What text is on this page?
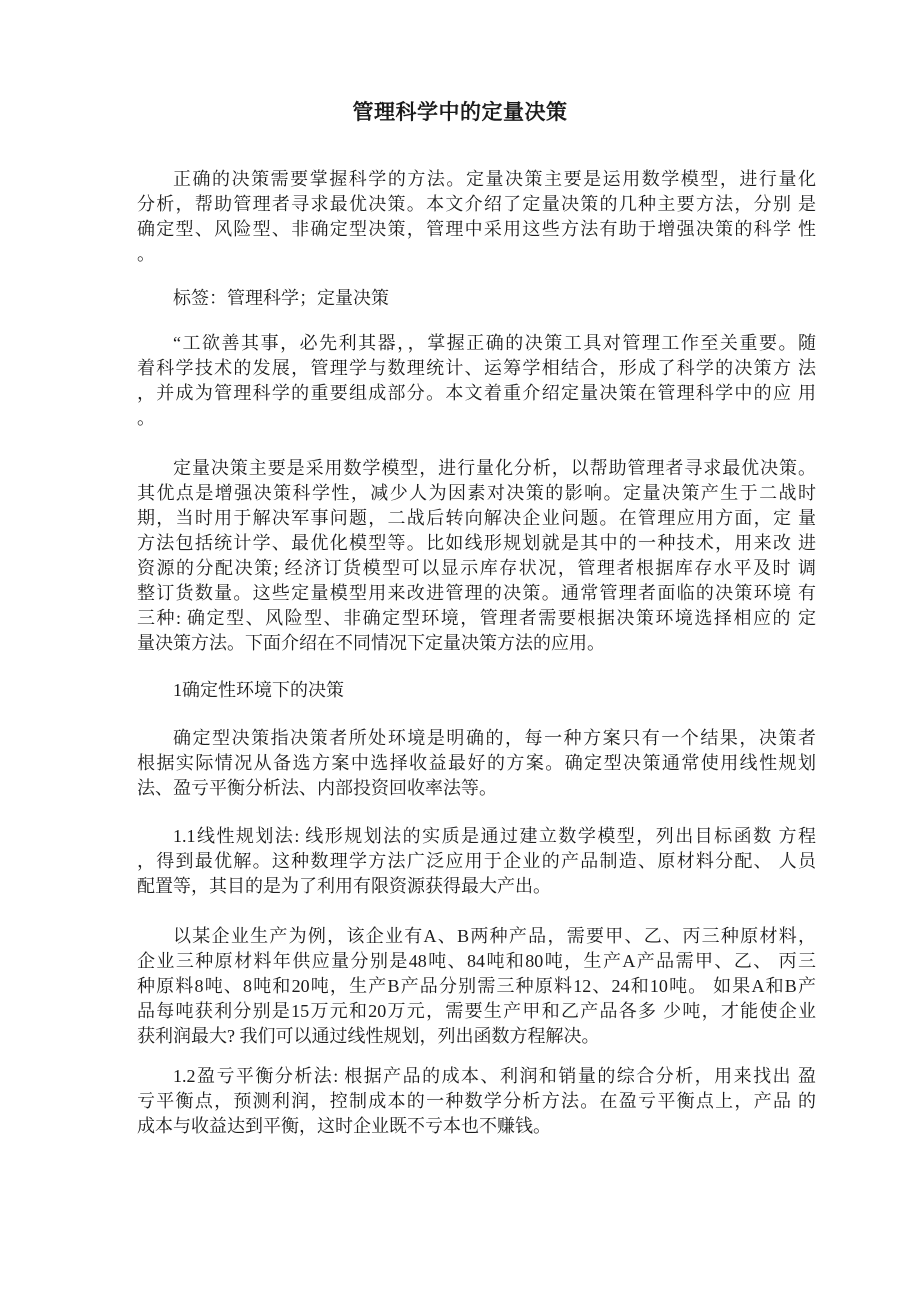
管理科学中的定量决策
正确的决策需要掌握科学的方法。定量决策主要是运用数学模型，进行量化
分析，帮助管理者寻求最优决策。本文介绍了定量决策的几种主要方法，分别 是
确定型、风险型、非确定型决策，管理中采用这些方法有助于增强决策的科学 性
。
标签：管理科学；定量决策
“工欲善其事，必先利其器，，掌握正确的决策工具对管理工作至关重要。随
着科学技术的发展，管理学与数理统计、运筹学相结合，形成了科学的决策方 法
，并成为管理科学的重要组成部分。本文着重介绍定量决策在管理科学中的应 用
。
定量决策主要是采用数学模型，进行量化分析，以帮助管理者寻求最优决策。
其优点是增强决策科学性，减少人为因素对决策的影响。定量决策产生于二战时
期，当时用于解决军事问题，二战后转向解决企业问题。在管理应用方面，定 量
方法包括统计学、最优化模型等。比如线形规划就是其中的一种技术，用来改 进
资源的分配决策; 经济订货模型可以显示库存状况，管理者根据库存水平及时 调
整订货数量。这些定量模型用来改进管理的决策。通常管理者面临的决策环境 有
三种: 确定型、风险型、非确定型环境，管理者需要根据决策环境选择相应的 定
量决策方法。下面介绍在不同情况下定量决策方法的应用。
1确定性环境下的决策
确定型决策指决策者所处环境是明确的，每一种方案只有一个结果，决策者
根据实际情况从备选方案中选择收益最好的方案。确定型决策通常使用线性规划
法、盈亏平衡分析法、内部投资回收率法等。
1.1线性规划法: 线形规划法的实质是通过建立数学模型，列出目标函数 方程
，得到最优解。这种数理学方法广泛应用于企业的产品制造、原材料分配、 人员
配置等，其目的是为了利用有限资源获得最大产出。
以某企业生产为例，该企业有A、B两种产品，需要甲、乙、丙三种原材料，
企业三种原材料年供应量分别是48吨、84吨和80吨，生产A产品需甲、乙、 丙三
种原料8吨、8吨和20吨，生产B产品分别需三种原料12、24和10吨。 如果A和B产
品每吨获利分别是15万元和20万元，需要生产甲和乙产品各多 少吨，才能使企业
获利润最大? 我们可以通过线性规划，列出函数方程解决。
1.2盈亏平衡分析法: 根据产品的成本、利润和销量的综合分析，用来找出 盈
亏平衡点，预测利润，控制成本的一种数学分析方法。在盈亏平衡点上，产品 的
成本与收益达到平衡，这时企业既不亏本也不赚钱。
